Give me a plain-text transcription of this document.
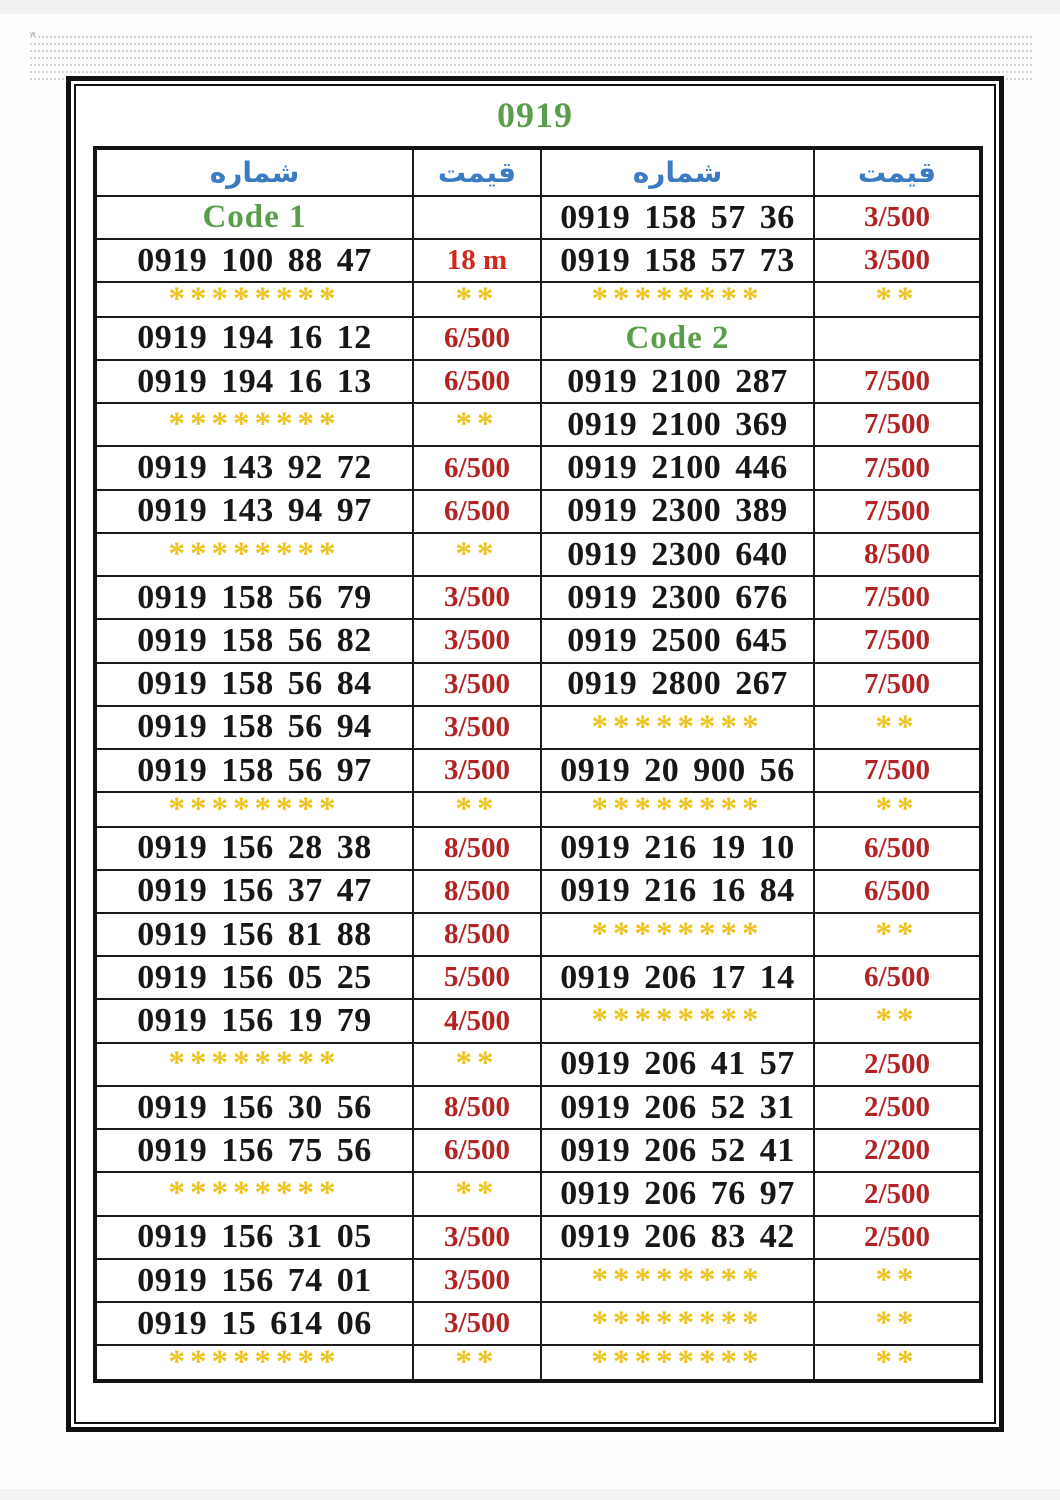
w
0919
شماره	قیمت	شماره	قیمت
Code 1		0919 158 57 36	3/500
0919 100 88 47	18 m	0919 158 57 73	3/500
********	**	********	**
0919 194 16 12	6/500	Code 2	
0919 194 16 13	6/500	0919 2100 287	7/500
********	**	0919 2100 369	7/500
0919 143 92 72	6/500	0919 2100 446	7/500
0919 143 94 97	6/500	0919 2300 389	7/500
********	**	0919 2300 640	8/500
0919 158 56 79	3/500	0919 2300 676	7/500
0919 158 56 82	3/500	0919 2500 645	7/500
0919 158 56 84	3/500	0919 2800 267	7/500
0919 158 56 94	3/500	********	**
0919 158 56 97	3/500	0919 20 900 56	7/500
********	**	********	**
0919 156 28 38	8/500	0919 216 19 10	6/500
0919 156 37 47	8/500	0919 216 16 84	6/500
0919 156 81 88	8/500	********	**
0919 156 05 25	5/500	0919 206 17 14	6/500
0919 156 19 79	4/500	********	**
********	**	0919 206 41 57	2/500
0919 156 30 56	8/500	0919 206 52 31	2/500
0919 156 75 56	6/500	0919 206 52 41	2/200
********	**	0919 206 76 97	2/500
0919 156 31 05	3/500	0919 206 83 42	2/500
0919 156 74 01	3/500	********	**
0919 15 614 06	3/500	********	**
********	**	********	**
